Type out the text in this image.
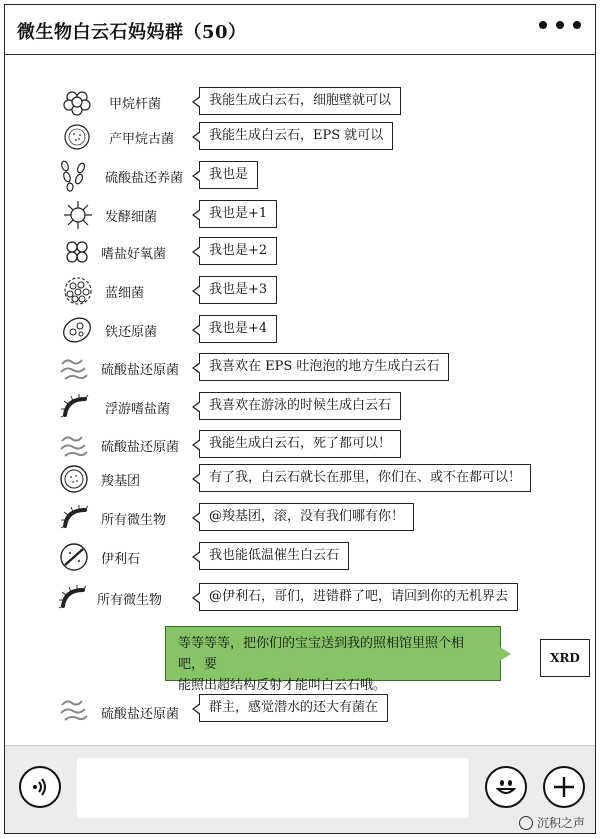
微生物白云石妈妈群（50）
甲烷杆菌	我能生成白云石，细胞壁就可以
产甲烷古菌	我能生成白云石，EPS 就可以
硫酸盐还养菌	我也是
发酵细菌	我也是+1
嗜盐好氧菌	我也是+2
蓝细菌	我也是+3
铁还原菌	我也是+4
硫酸盐还原菌	我喜欢在 EPS 吐泡泡的地方生成白云石
浮游嗜盐菌	我喜欢在游泳的时候生成白云石
硫酸盐还原菌	我能生成白云石，死了都可以！
羧基团	有了我，白云石就长在那里，你们在、或不在都可以！
所有微生物	@羧基团，滚，没有我们哪有你！
伊利石	我也能低温催生白云石
所有微生物	@伊利石，哥们，进错群了吧，请回到你的无机界去
等等等等，把你们的宝宝送到我的照相馆里照个相吧，要
能照出超结构反射才能叫白云石哦。
XRD
硫酸盐还原菌	群主，感觉潜水的还大有菌在
沉积之声
